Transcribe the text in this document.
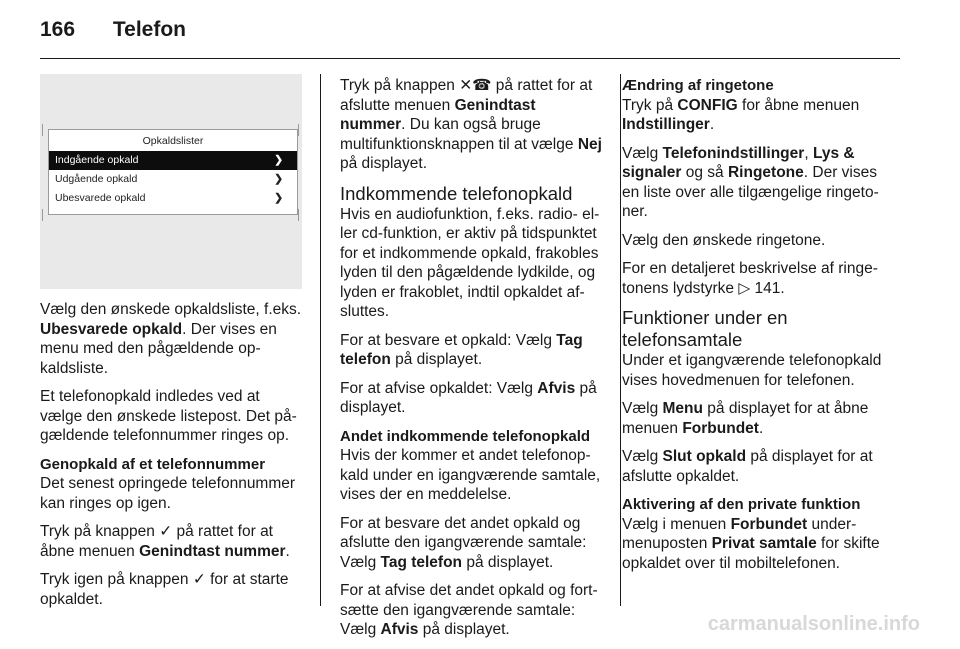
166 Telefon
Opkaldslister
Indgående opkald	❯
Udgående opkald	❯
Ubesvarede opkald	❯

Vælg den ønskede opkaldsliste, f.eks. Ubesvarede opkald. Der vises en menu med den pågældende opkaldsliste.

Et telefonopkald indledes ved at vælge den ønskede listepost. Det pågældende telefonnummer ringes op.

Genopkald af et telefonnummer

Det senest opringede telefonnummer kan ringes op igen.

Tryk på knappen ✓ på rattet for at åbne menuen Genindtast nummer.

Tryk igen på knappen ✓ for at starte opkaldet.

Tryk på knappen ✕☎ på rattet for at afslutte menuen Genindtast nummer. Du kan også bruge multifunktionsknappen til at vælge Nej på displayet.

Indkommende telefonopkald

Hvis en audiofunktion, f.eks. radio- eller cd-funktion, er aktiv på tidspunktet for et indkommende opkald, frakobles lyden til den pågældende lydkilde, og lyden er frakoblet, indtil opkaldet afsluttes.

For at besvare et opkald: Vælg Tag telefon på displayet.

For at afvise opkaldet: Vælg Afvis på displayet.

Andet indkommende telefonopkald

Hvis der kommer et andet telefonopkald under en igangværende samtale, vises der en meddelelse.

For at besvare det andet opkald og afslutte den igangværende samtale: Vælg Tag telefon på displayet.

For at afvise det andet opkald og fortsætte den igangværende samtale: Vælg Afvis på displayet.

Ændring af ringetone

Tryk på CONFIG for åbne menuen Indstillinger.

Vælg Telefonindstillinger, Lys & signaler og så Ringetone. Der vises en liste over alle tilgængelige ringetoner.

Vælg den ønskede ringetone.

For en detaljeret beskrivelse af ringetonens lydstyrke ▷ 141.

Funktioner under en telefonsamtale

Under et igangværende telefonopkald vises hovedmenuen for telefonen.

Vælg Menu på displayet for at åbne menuen Forbundet.

Vælg Slut opkald på displayet for at afslutte opkaldet.

Aktivering af den private funktion

Vælg i menuen Forbundet undermenuposten Privat samtale for skifte opkaldet over til mobiltelefonen.

carmanualsonline.info
